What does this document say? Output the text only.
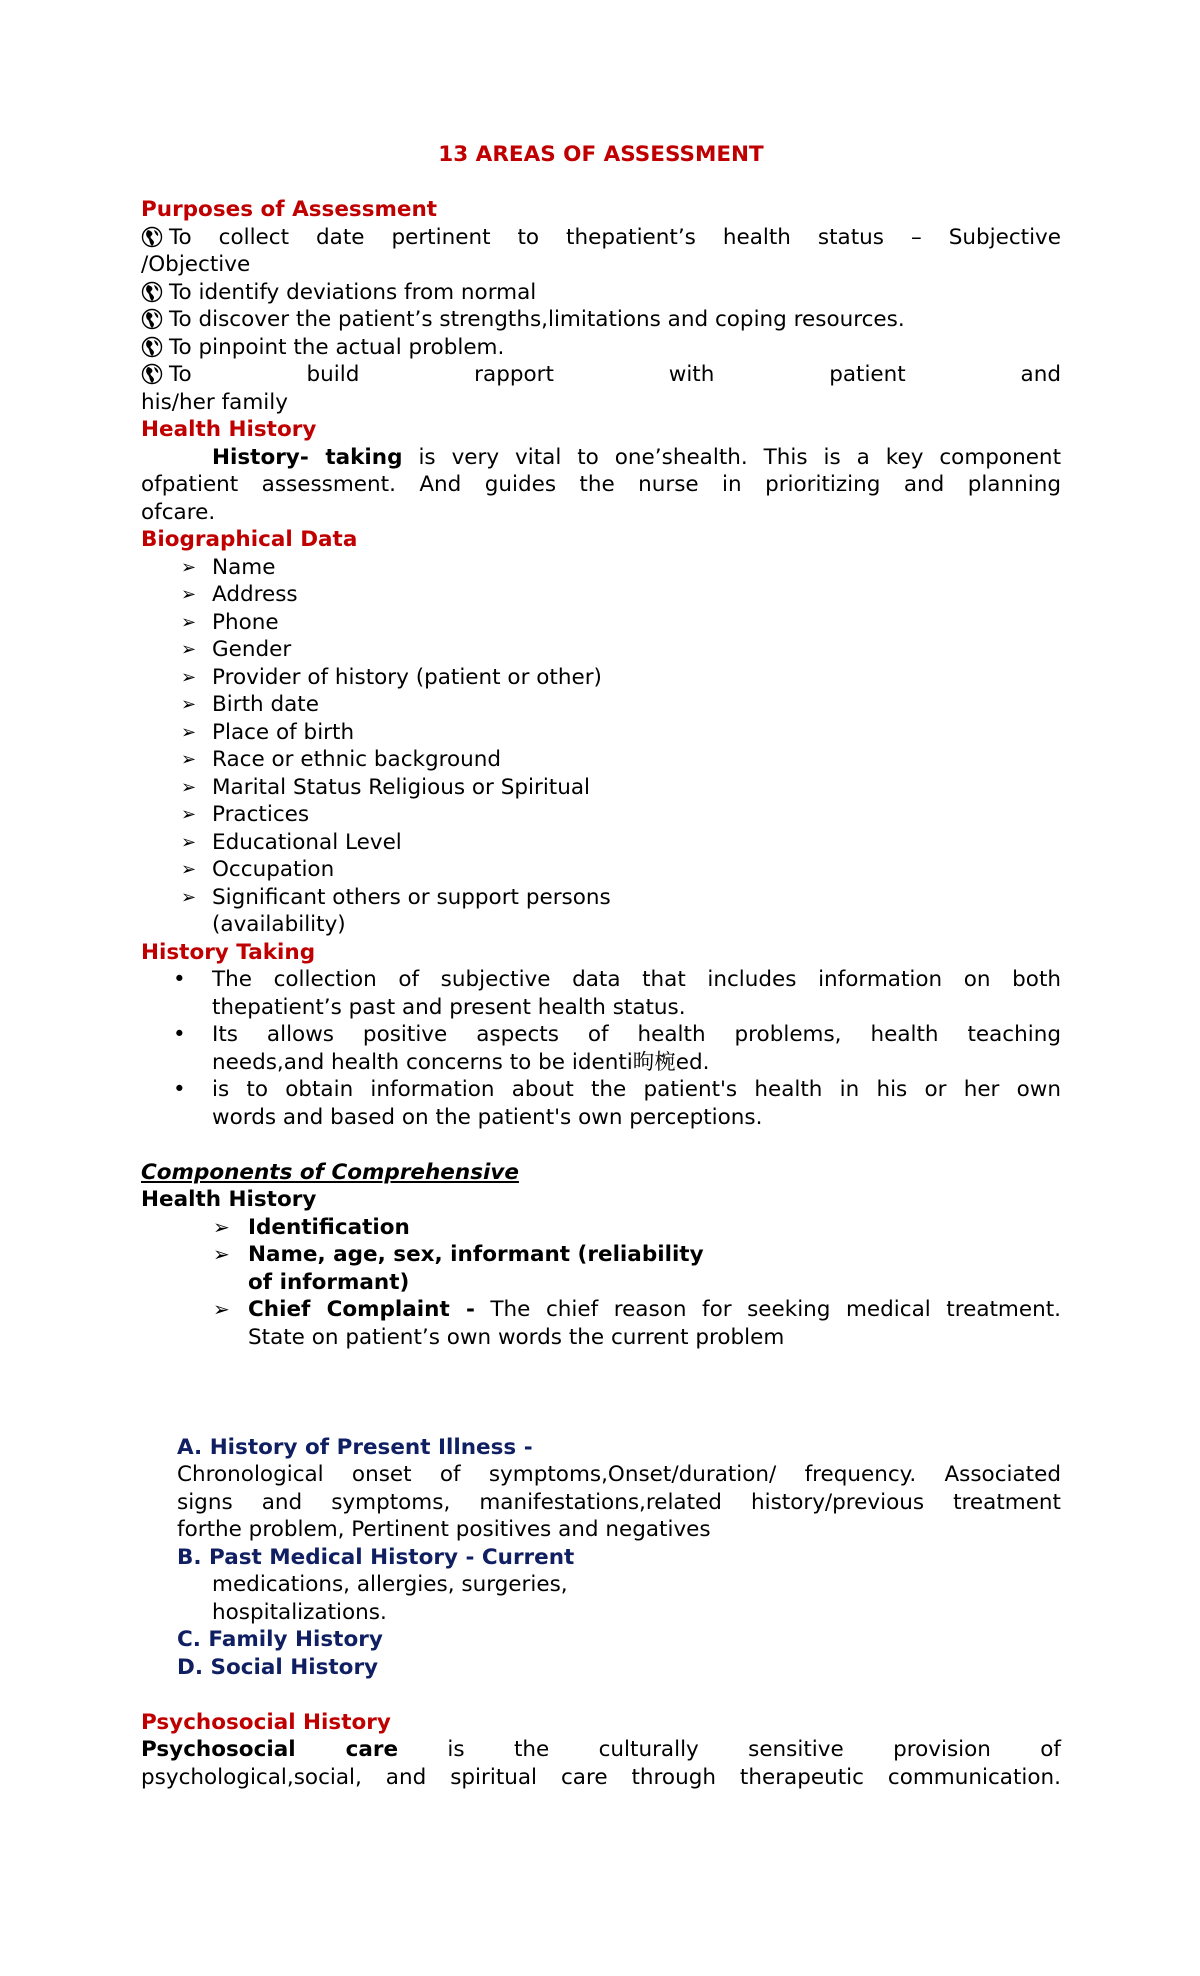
13 AREAS OF ASSESSMENT
Purposes of Assessment
To collect date pertinent to thepatient’s health status – Subjective
/Objective
To identify deviations from normal
To discover the patient’s strengths,limitations and coping resources.
To pinpoint the actual problem.
To build rapport with patient and
his/her family
Health History
History- taking is very vital to one’shealth. This is a key component
ofpatient assessment. And guides the nurse in prioritizing and planning
ofcare.
Biographical Data
➢ Name
➢ Address
➢ Phone
➢ Gender
➢ Provider of history (patient or other)
➢ Birth date
➢ Place of birth
➢ Race or ethnic background
➢ Marital Status Religious or Spiritual
➢ Practices
➢ Educational Level
➢ Occupation
➢ Significant others or support persons
(availability)
History Taking
• The collection of subjective data that includes information on both
thepatient’s past and present health status.
• Its allows positive aspects of health problems, health teaching
needs,and health concerns to be identi昫椀ed.
• is to obtain information about the patient's health in his or her own
words and based on the patient's own perceptions.
Components of Comprehensive
Health History
➢ Identification
➢ Name, age, sex, informant (reliability
of informant)
➢ Chief Complaint - The chief reason for seeking medical treatment.
State on patient’s own words the current problem
A. History of Present Illness -
Chronological onset of symptoms,Onset/duration/ frequency. Associated
signs and symptoms, manifestations,related history/previous treatment
forthe problem, Pertinent positives and negatives
B. Past Medical History - Current
medications, allergies, surgeries,
hospitalizations.
C. Family History
D. Social History
Psychosocial History
Psychosocial care is the culturally sensitive provision of
psychological,social, and spiritual care through therapeutic communication.
